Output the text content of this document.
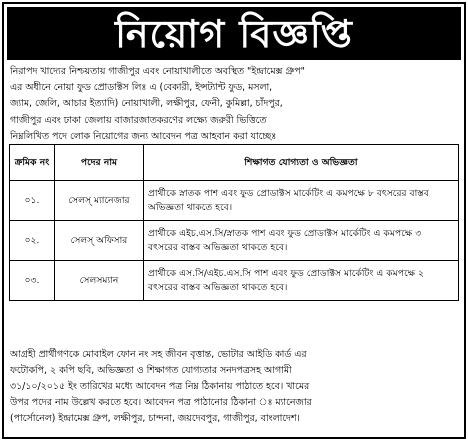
নিয়োগ বিজ্ঞপ্তি
নিরাপদ খাদ্যের নিশ্চয়তায় গাজীপুর এবং নোয়াখালীতে অবস্থিত "ইন্দ্রামেক্স গ্রুপ"
এর অধীনে নোয়া ফুড প্রোডাক্টস লিঃ এ (বেকারী, ইন্সট্যান্ট ফুড, মসলা,
জ্যাম, জেলি, আচার ইত্যাদি) নোয়াখালী, লক্ষীপুর, ফেনী, কুমিল্লা, চাঁদপুর,
গাজীপুর এবং ঢাকা জেলায় বাজারজাতকরণের লক্ষ্যে জরুরী ভিত্তিতে
নিম্নলিখিত পদে লোক নিয়োগের জন্য আবেদন পত্র আহবান করা যাচ্ছেঃ
ক্রমিক নং	পদের নাম	শিক্ষাগত যোগ্যতা ও অভিজ্ঞতা
০১.	সেলস্ ম্যানেজার	প্রার্থীকে স্নাতক পাশ এবং ফুড প্রোডাক্টস মার্কেটিং এ কমপক্ষে ৮ বৎসরের বাস্তব অভিজ্ঞতা থাকতে হবে।
০২.	সেলস্ অফিসার	প্রার্থীকে এইচ.এস.সি/স্নাতক পাশ এবং ফুড প্রোডাক্টস মার্কেটিং এ কমপক্ষে ৩ বৎসরের বাস্তব অভিজ্ঞতা থাকতে হবে।
০৩.	সেলসম্যান	প্রার্থীকে এস.সি/এইচ.এস.সি পাশ এবং ফুড প্রোডাক্টস মার্কেটিং এ কমপক্ষে ২ বৎসরের বাস্তব অভিজ্ঞতা থাকতে হবে।
আগ্রহী প্রার্থীগণকে মোবাইল ফোন নং সহ জীবন বৃত্তান্ত, ভোটার আইডি কার্ড এর
ফটোকপি, ২ কপি ছবি, অভিজ্ঞতা ও শিক্ষাগত যোগ্যতার সনদপত্রসহ আগামী
৩১/১০/২০১৫ ইং তারিখের মধ্যে আবেদন পত্র নিম্ন ঠিকানায় পাঠাতে হবে। খামের
উপর পদের নাম উল্লেখ করতে হবে। আবেদন পত্র পাঠানোর ঠিকানা ঃ ম্যানেজার
(পার্সোনেল) ইন্দ্রামেক্স গ্রুপ, লক্ষীপুর, চান্দনা, জয়দেবপুর, গাজীপুর, বাংলাদেশ।
